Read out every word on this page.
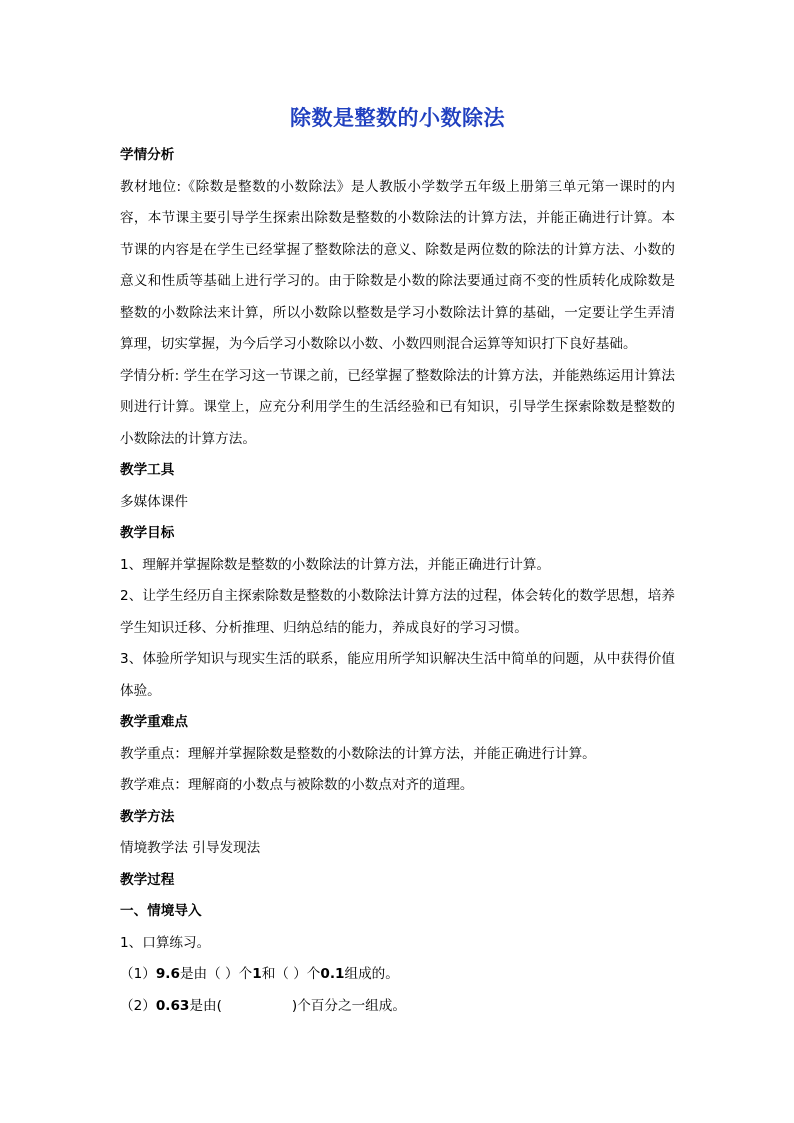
除数是整数的小数除法
学情分析
教材地位:《除数是整数的小数除法》是人教版小学数学五年级上册第三单元第一课时的内容，本节课主要引导学生探索出除数是整数的小数除法的计算方法，并能正确进行计算。本节课的内容是在学生已经掌握了整数除法的意义、除数是两位数的除法的计算方法、小数的意义和性质等基础上进行学习的。由于除数是小数的除法要通过商不变的性质转化成除数是整数的小数除法来计算，所以小数除以整数是学习小数除法计算的基础，一定要让学生弄清算理，切实掌握，为今后学习小数除以小数、小数四则混合运算等知识打下良好基础。
学情分析: 学生在学习这一节课之前，已经掌握了整数除法的计算方法，并能熟练运用计算法则进行计算。课堂上，应充分利用学生的生活经验和已有知识，引导学生探索除数是整数的小数除法的计算方法。
教学工具
多媒体课件
教学目标
1、理解并掌握除数是整数的小数除法的计算方法，并能正确进行计算。
2、让学生经历自主探索除数是整数的小数除法计算方法的过程，体会转化的数学思想，培养学生知识迁移、分析推理、归纳总结的能力，养成良好的学习习惯。
3、体验所学知识与现实生活的联系，能应用所学知识解决生活中简单的问题，从中获得价值体验。
教学重难点
教学重点：理解并掌握除数是整数的小数除法的计算方法，并能正确进行计算。
教学难点：理解商的小数点与被除数的小数点对齐的道理。
教学方法
情境教学法 引导发现法
教学过程
一、情境导入
1、口算练习。
（1）9.6是由（ ）个1和（ ）个0.1组成的。
（2）0.63是由(	)个百分之一组成。
